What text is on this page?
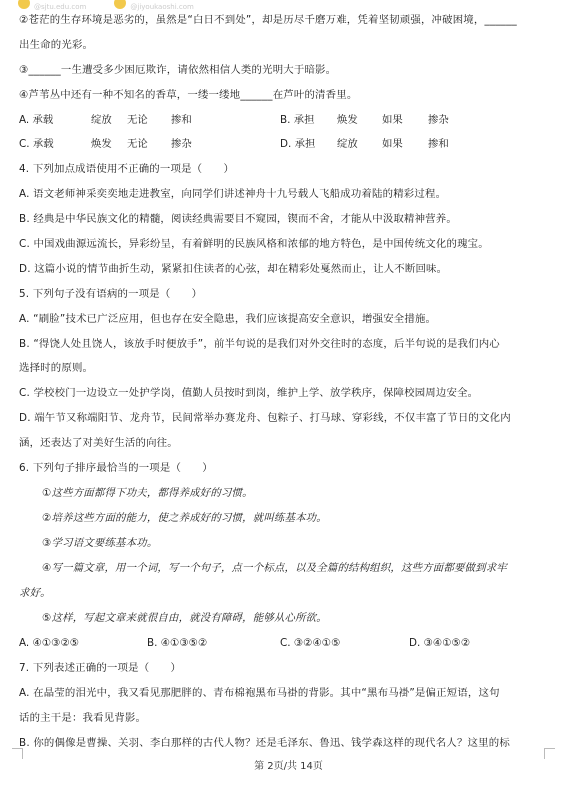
@sjtu.edu.com	@jiyoukaoshi.com
②苍茫的生存环境是恶劣的，虽然是“白日不到处”，却是历尽千磨万难，凭着坚韧顽强，冲破困境，______
出生命的光彩。
③______一生遭受多少困厄欺诈，请依然相信人类的光明大于暗影。
④芦苇丛中还有一种不知名的香草，一缕一缕地______在芦叶的清香里。
A. 承载	绽放 无论 掺和	B. 承担 焕发 如果 掺杂
C. 承载	焕发 无论 掺杂	D. 承担 绽放 如果 掺和
4. 下列加点成语使用不正确的一项是（　　）
A. 语文老师神采奕奕地走进教室，向同学们讲述神舟十九号载人飞船成功着陆的精彩过程。
B. 经典是中华民族文化的精髓，阅读经典需要目不窥园，锲而不舍，才能从中汲取精神营养。
C. 中国戏曲源远流长，异彩纷呈，有着鲜明的民族风格和浓郁的地方特色，是中国传统文化的瑰宝。
D. 这篇小说的情节曲折生动，紧紧扣住读者的心弦，却在精彩处戛然而止，让人不断回味。
5. 下列句子没有语病的一项是（　　）
A. “刷脸”技术已广泛应用，但也存在安全隐患，我们应该提高安全意识，增强安全措施。
B. “得饶人处且饶人，该放手时便放手”，前半句说的是我们对外交往时的态度，后半句说的是我们内心
选择时的原则。
C. 学校校门一边设立一处护学岗，值勤人员按时到岗，维护上学、放学秩序，保障校园周边安全。
D. 端午节又称端阳节、龙舟节，民间常举办赛龙舟、包粽子、打马球、穿彩线，不仅丰富了节日的文化内
涵，还表达了对美好生活的向往。
6. 下列句子排序最恰当的一项是（　　）
①这些方面都得下功夫，都得养成好的习惯。
②培养这些方面的能力，使之养成好的习惯，就叫练基本功。
③学习语文要练基本功。
④写一篇文章，用一个词，写一个句子，点一个标点，以及全篇的结构组织，这些方面都要做到求牢
求好。
⑤这样，写起文章来就很自由，就没有障碍，能够从心所欲。
A. ④①③②⑤	B. ④①③⑤②	C. ③②④①⑤	D. ③④①⑤②
7. 下列表述正确的一项是（　　）
A. 在晶莹的泪光中，我又看见那肥胖的、青布棉袍黑布马褂的背影。其中“黑布马褂”是偏正短语，这句
话的主干是：我看见背影。
B. 你的偶像是曹操、关羽、李白那样的古代人物？还是毛泽东、鲁迅、钱学森这样的现代名人？这里的标
第 2页/共 14页
